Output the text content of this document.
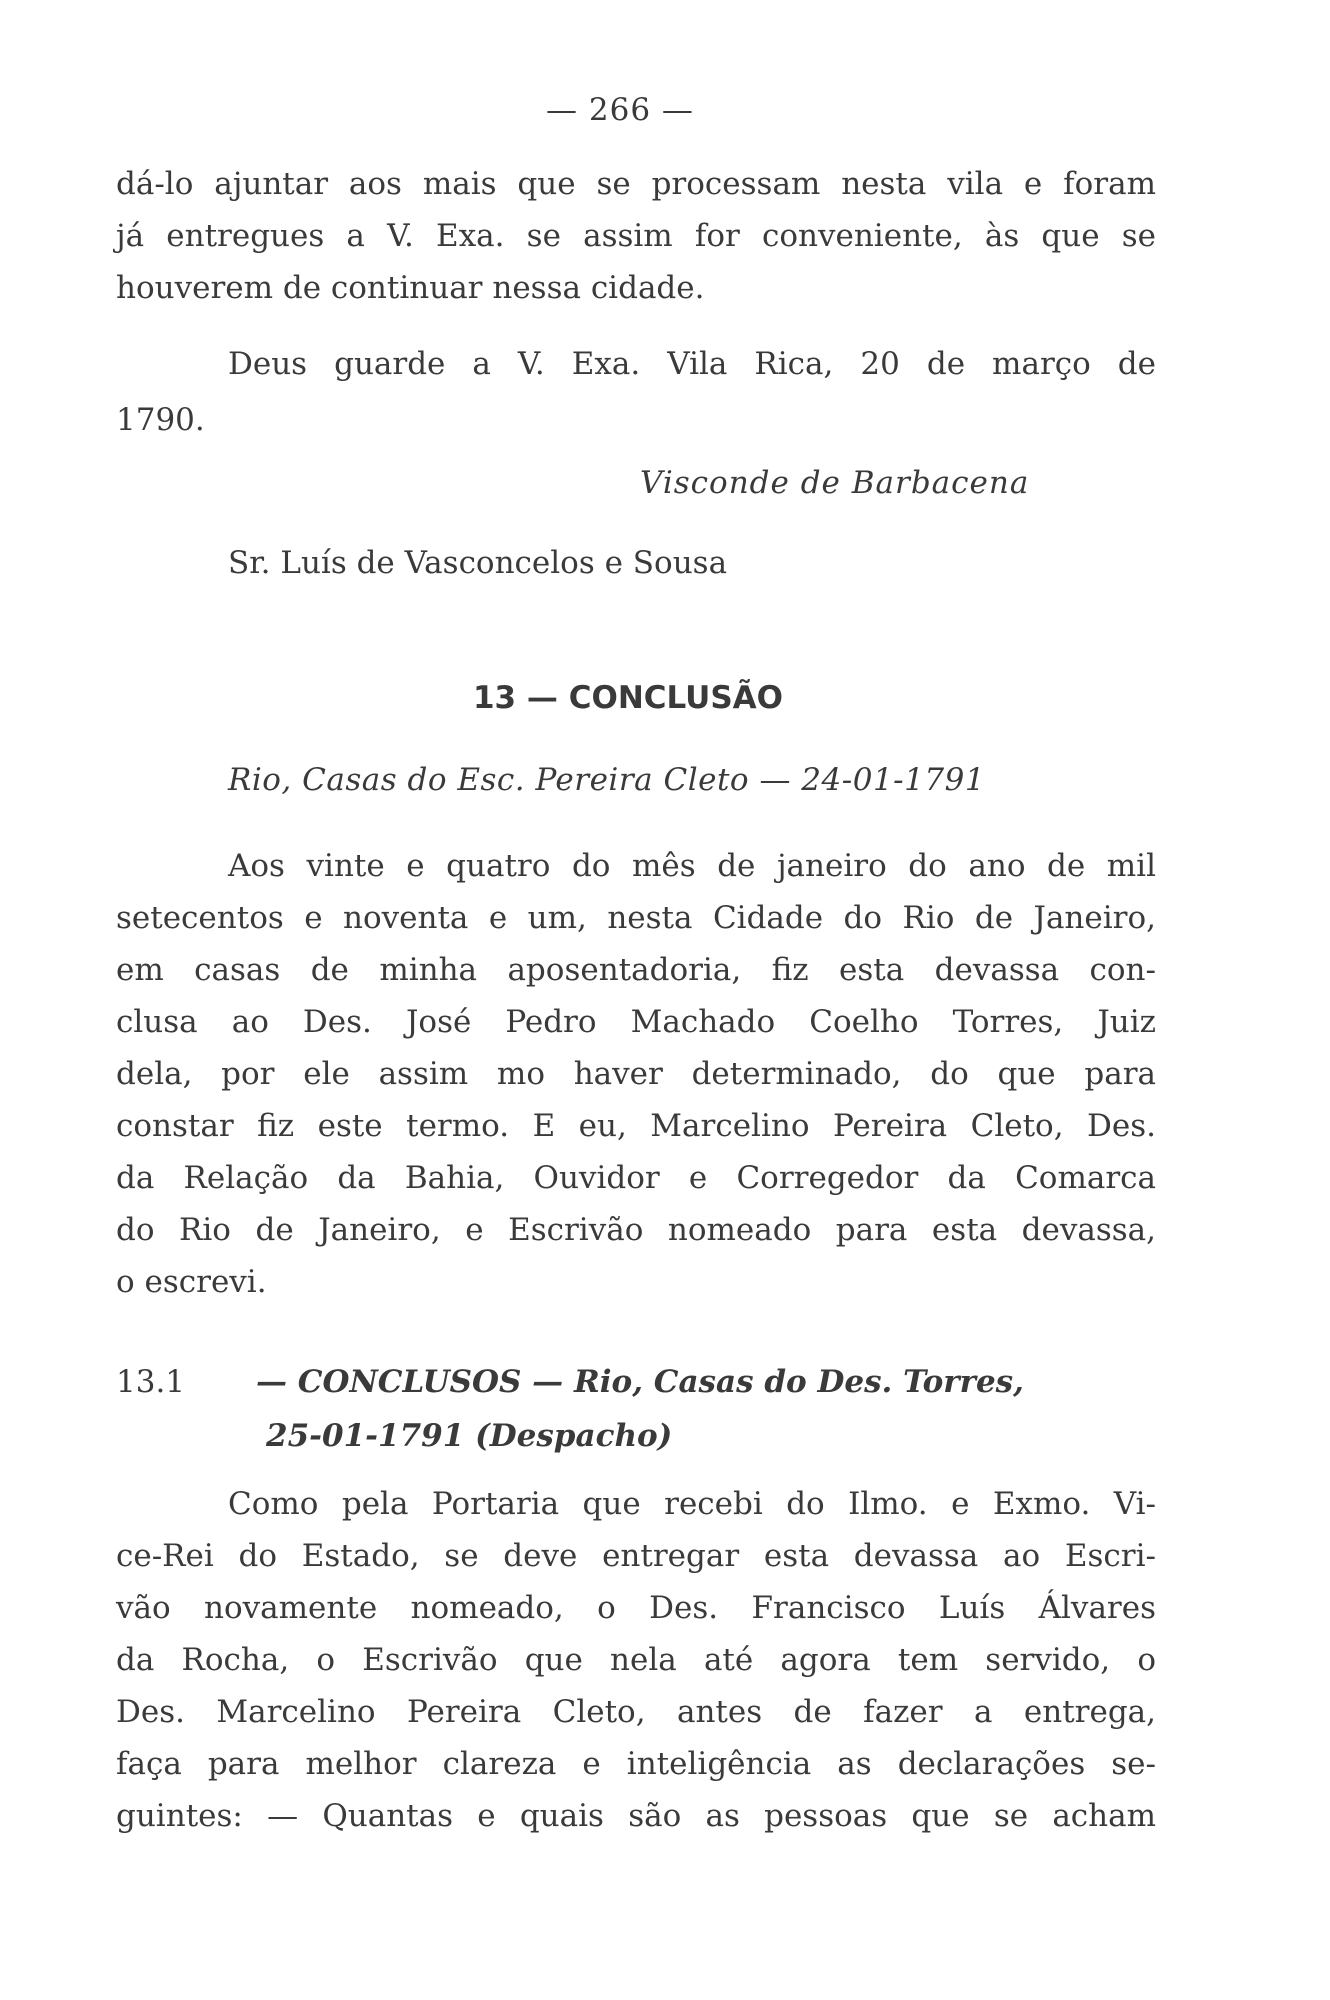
— 266 —
dá-lo ajuntar aos mais que se processam nesta vila e foram
já entregues a V. Exa. se assim for conveniente, às que se
houverem de continuar nessa cidade.
Deus guarde a V. Exa. Vila Rica, 20 de março de
1790.
Visconde de Barbacena
Sr. Luís de Vasconcelos e Sousa
13 — CONCLUSÃO
Rio, Casas do Esc. Pereira Cleto — 24-01-1791
Aos vinte e quatro do mês de janeiro do ano de mil
setecentos e noventa e um, nesta Cidade do Rio de Janeiro,
em casas de minha aposentadoria, fiz esta devassa con-
clusa ao Des. José Pedro Machado Coelho Torres, Juiz
dela, por ele assim mo haver determinado, do que para
constar fiz este termo. E eu, Marcelino Pereira Cleto, Des.
da Relação da Bahia, Ouvidor e Corregedor da Comarca
do Rio de Janeiro, e Escrivão nomeado para esta devassa,
o escrevi.
13.1 — CONCLUSOS — Rio, Casas do Des. Torres,
25-01-1791 (Despacho)
Como pela Portaria que recebi do Ilmo. e Exmo. Vi-
ce-Rei do Estado, se deve entregar esta devassa ao Escri-
vão novamente nomeado, o Des. Francisco Luís Álvares
da Rocha, o Escrivão que nela até agora tem servido, o
Des. Marcelino Pereira Cleto, antes de fazer a entrega,
faça para melhor clareza e inteligência as declarações se-
guintes: — Quantas e quais são as pessoas que se acham
